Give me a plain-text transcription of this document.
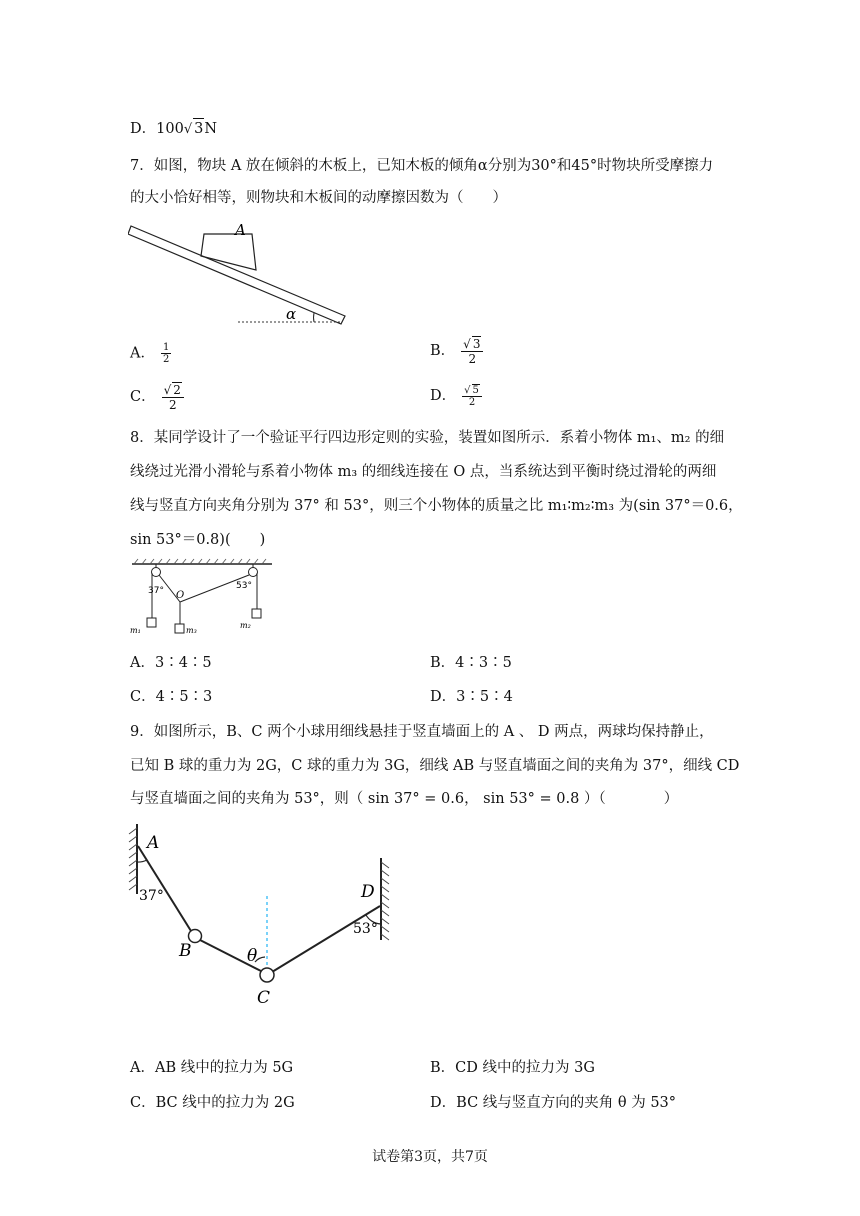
D．100√ 3N
7．如图，物块 A 放在倾斜的木板上，已知木板的倾角α分别为30°和45°时物块所受摩擦力
的大小恰好相等，则物块和木板间的动摩擦因数为（　　）
A
α
A． $\frac{1}{2}$	B． $\frac{√ 3}{2}$
C． $\frac{√ 2}{2}$	D． $\frac{√ 5}{2}$
8．某同学设计了一个验证平行四边形定则的实验，装置如图所示．系着小物体 m₁、m₂ 的细
线绕过光滑小滑轮与系着小物体 m₃ 的细线连接在 O 点，当系统达到平衡时绕过滑轮的两细
线与竖直方向夹角分别为 37° 和 53°，则三个小物体的质量之比 m₁∶m₂∶m₃ 为(sin 37°＝0.6，
sin 53°＝0.8)(　　)
37°	53°
O
m₁	m₃
m₂
A．3∶4∶5	B．4∶3∶5
C．4∶5∶3	D．3∶5∶4
9．如图所示，B、C 两个小球用细线悬挂于竖直墙面上的 A 、 D 两点，两球均保持静止，
已知 B 球的重力为 2G，C 球的重力为 3G，细线 AB 与竖直墙面之间的夹角为 37°，细线 CD
与竖直墙面之间的夹角为 53°，则（ sin 37° = 0.6， sin 53° = 0.8 ）（　　　　）
A
37°
B	θ
C
D
53°
A．AB 线中的拉力为 5G	B．CD 线中的拉力为 3G
C．BC 线中的拉力为 2G	D．BC 线与竖直方向的夹角 θ 为 53°
试卷第3页，共7页
